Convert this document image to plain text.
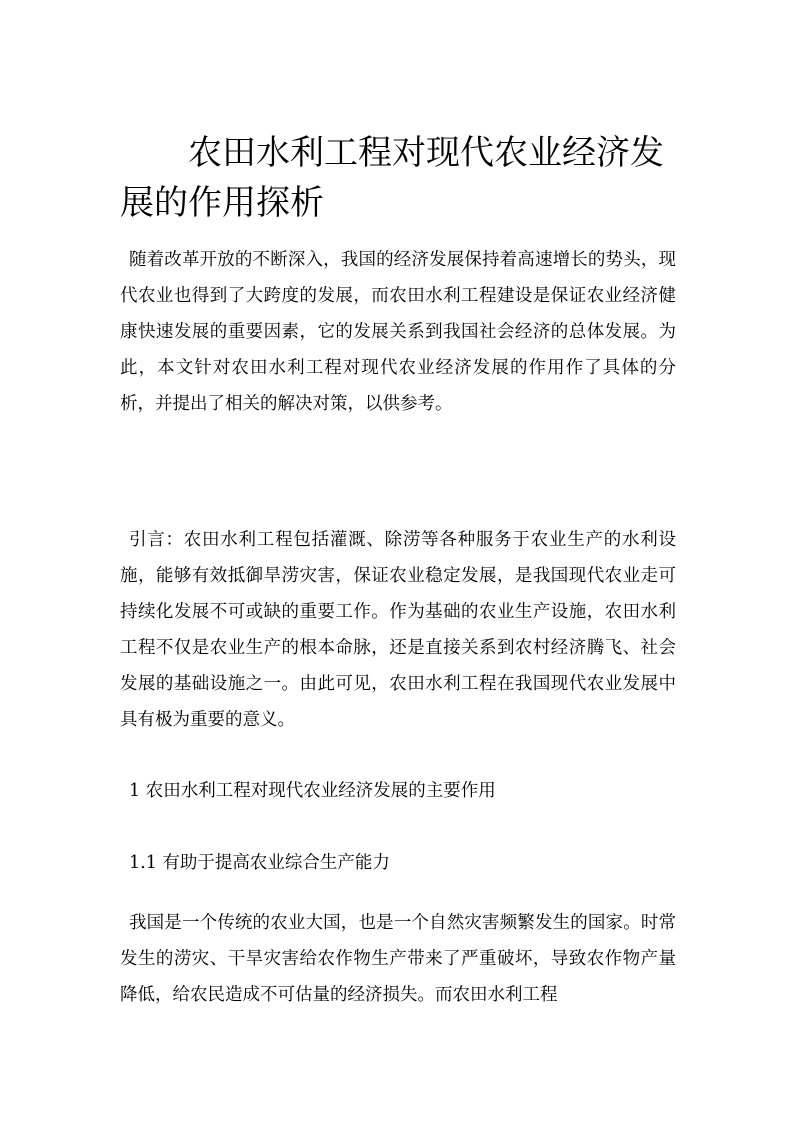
农田水利工程对现代农业经济发展的作用探析

随着改革开放的不断深入，我国的经济发展保持着高速增长的势头，现代农业也得到了大跨度的发展，而农田水利工程建设是保证农业经济健康快速发展的重要因素，它的发展关系到我国社会经济的总体发展。为此，本文针对农田水利工程对现代农业经济发展的作用作了具体的分析，并提出了相关的解决对策，以供参考。

引言：农田水利工程包括灌溉、除涝等各种服务于农业生产的水利设施，能够有效抵御旱涝灾害，保证农业稳定发展，是我国现代农业走可持续化发展不可或缺的重要工作。作为基础的农业生产设施，农田水利工程不仅是农业生产的根本命脉，还是直接关系到农村经济腾飞、社会发展的基础设施之一。由此可见，农田水利工程在我国现代农业发展中具有极为重要的意义。

1 农田水利工程对现代农业经济发展的主要作用

1.1 有助于提高农业综合生产能力

我国是一个传统的农业大国，也是一个自然灾害频繁发生的国家。时常发生的涝灾、干旱灾害给农作物生产带来了严重破坏，导致农作物产量降低，给农民造成不可估量的经济损失。而农田水利工程
